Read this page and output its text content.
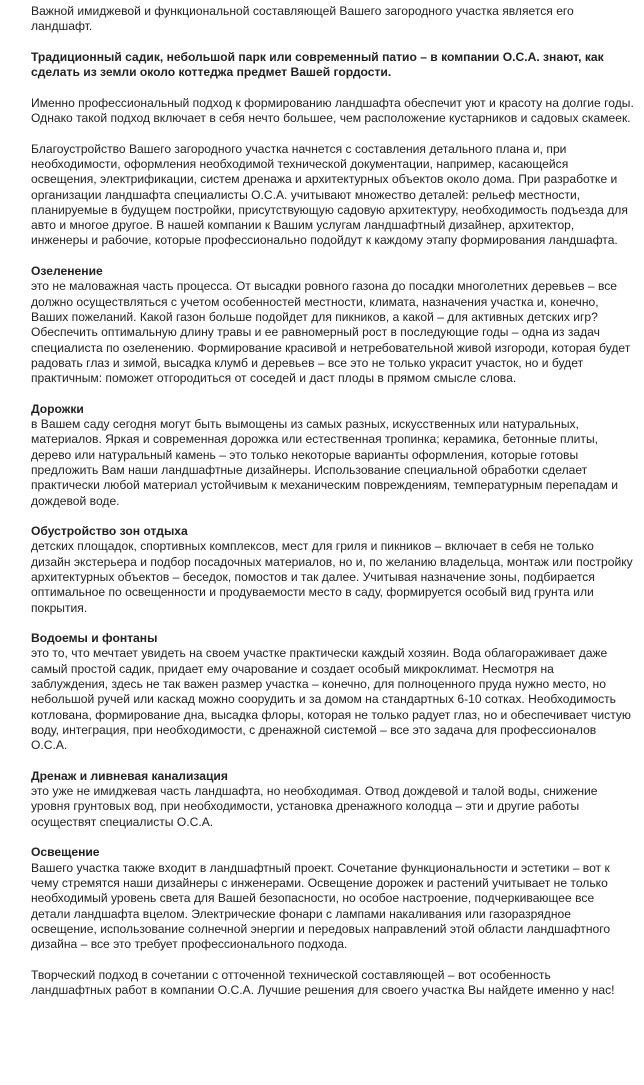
Важной имиджевой и функциональной составляющей Вашего загородного участка является его ландшафт.

Традиционный садик, небольшой парк или современный патио – в компании О.С.А. знают, как сделать из земли около коттеджа предмет Вашей гордости.

Именно профессиональный подход к формированию ландшафта обеспечит уют и красоту на долгие годы. Однако такой подход включает в себя нечто большее, чем расположение кустарников и садовых скамеек.

Благоустройство Вашего загородного участка начнется с составления детального плана и, при необходимости, оформления необходимой технической документации, например, касающейся освещения, электрификации, систем дренажа и архитектурных объектов около дома. При разработке и организации ландшафта специалисты О.С.А. учитывают множество деталей: рельеф местности, планируемые в будущем постройки, присутствующую садовую архитектуру, необходимость подъезда для авто и многое другое. В нашей компании к Вашим услугам ландшафтный дизайнер, архитектор, инженеры и рабочие, которые профессионально подойдут к каждому этапу формирования ландшафта.

Озеленение
это не маловажная часть процесса. От высадки ровного газона до посадки многолетних деревьев – все должно осуществляться с учетом особенностей местности, климата, назначения участка и, конечно, Ваших пожеланий. Какой газон больше подойдет для пикников, а какой – для активных детских игр? Обеспечить оптимальную длину травы и ее равномерный рост в последующие годы – одна из задач специалиста по озеленению. Формирование красивой и нетребовательной живой изгороди, которая будет радовать глаз и зимой, высадка клумб и деревьев – все это не только украсит участок, но и будет практичным: поможет отгородиться от соседей и даст плоды в прямом смысле слова.
Дорожки
в Вашем саду сегодня могут быть вымощены из самых разных, искусственных или натуральных, материалов. Яркая и современная дорожка или естественная тропинка; керамика, бетонные плиты, дерево или натуральный камень – это только некоторые варианты оформления, которые готовы предложить Вам наши ландшафтные дизайнеры. Использование специальной обработки сделает практически любой материал устойчивым к механическим повреждениям, температурным перепадам и дождевой воде.
Обустройство зон отдыха
детских площадок, спортивных комплексов, мест для гриля и пикников – включает в себя не только дизайн экстерьера и подбор посадочных материалов, но и, по желанию владельца, монтаж или постройку архитектурных объектов – беседок, помостов и так далее. Учитывая назначение зоны, подбирается оптимальное по освещенности и продуваемости место в саду, формируется особый вид грунта или покрытия.
Водоемы и фонтаны
это то, что мечтает увидеть на своем участке практически каждый хозяин. Вода облагораживает даже самый простой садик, придает ему очарование и создает особый микроклимат. Несмотря на заблуждения, здесь не так важен размер участка – конечно, для полноценного пруда нужно место, но небольшой ручей или каскад можно соорудить и за домом на стандартных 6-10 сотках. Необходимость котлована, формирование дна, высадка флоры, которая не только радует глаз, но и обеспечивает чистую воду, интеграция, при необходимости, с дренажной системой – все это задача для профессионалов О.С.А.
Дренаж и ливневая канализация
это уже не имиджевая часть ландшафта, но необходимая. Отвод дождевой и талой воды, снижение уровня грунтовых вод, при необходимости, установка дренажного колодца – эти и другие работы осуществят специалисты О.С.А.
Освещение
Вашего участка также входит в ландшафтный проект. Сочетание функциональности и эстетики – вот к чему стремятся наши дизайнеры с инженерами. Освещение дорожек и растений учитывает не только необходимый уровень света для Вашей безопасности, но особое настроение, подчеркивающее все детали ландшафта вцелом. Электрические фонари с лампами накаливания или газоразрядное освещение, использование солнечной энергии и передовых направлений этой области ландшафтного дизайна – все это требует профессионального подхода.

Творческий подход в сочетании с отточенной технической составляющей – вот особенность ландшафтных работ в компании О.С.А. Лучшие решения для своего участка Вы найдете именно у нас!
